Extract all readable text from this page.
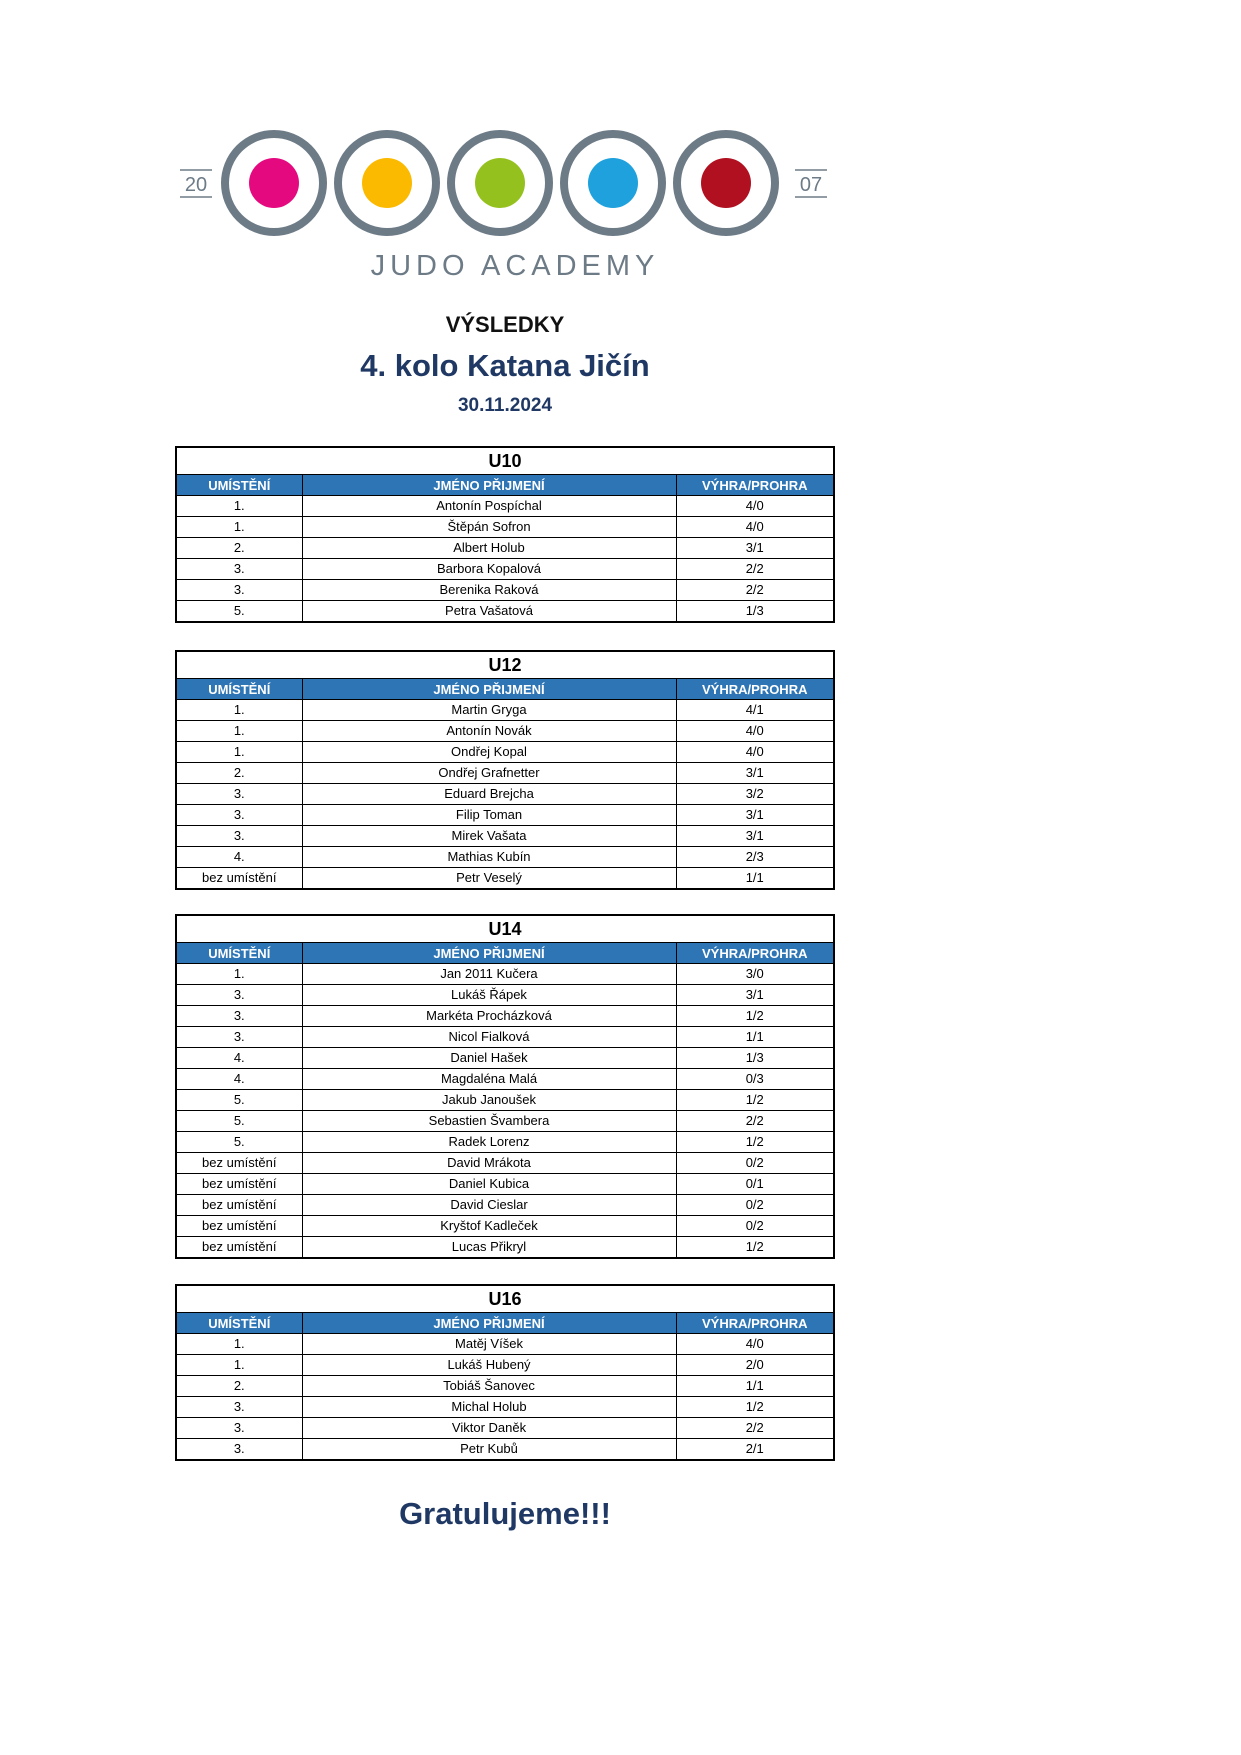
20	07
JUDO ACADEMY
VÝSLEDKY
4. kolo Katana Jičín
30.11.2024
U10
UMÍSTĚNÍ	JMÉNO PŘIJMENÍ	VÝHRA/PROHRA
1.	Antonín Pospíchal	4/0
1.	Štěpán Sofron	4/0
2.	Albert Holub	3/1
3.	Barbora Kopalová	2/2
3.	Berenika Raková	2/2
5.	Petra Vašatová	1/3
U12
UMÍSTĚNÍ	JMÉNO PŘIJMENÍ	VÝHRA/PROHRA
1.	Martin Gryga	4/1
1.	Antonín Novák	4/0
1.	Ondřej Kopal	4/0
2.	Ondřej Grafnetter	3/1
3.	Eduard Brejcha	3/2
3.	Filip Toman	3/1
3.	Mirek Vašata	3/1
4.	Mathias Kubín	2/3
bez umístění	Petr Veselý	1/1
U14
UMÍSTĚNÍ	JMÉNO PŘIJMENÍ	VÝHRA/PROHRA
1.	Jan 2011 Kučera	3/0
3.	Lukáš Řápek	3/1
3.	Markéta Procházková	1/2
3.	Nicol Fialková	1/1
4.	Daniel Hašek	1/3
4.	Magdaléna Malá	0/3
5.	Jakub Janoušek	1/2
5.	Sebastien Švambera	2/2
5.	Radek Lorenz	1/2
bez umístění	David Mrákota	0/2
bez umístění	Daniel Kubica	0/1
bez umístění	David Cieslar	0/2
bez umístění	Kryštof Kadleček	0/2
bez umístění	Lucas Přikryl	1/2
U16
UMÍSTĚNÍ	JMÉNO PŘIJMENÍ	VÝHRA/PROHRA
1.	Matěj Víšek	4/0
1.	Lukáš Hubený	2/0
2.	Tobiáš Šanovec	1/1
3.	Michal Holub	1/2
3.	Viktor Daněk	2/2
3.	Petr Kubů	2/1
Gratulujeme!!!
